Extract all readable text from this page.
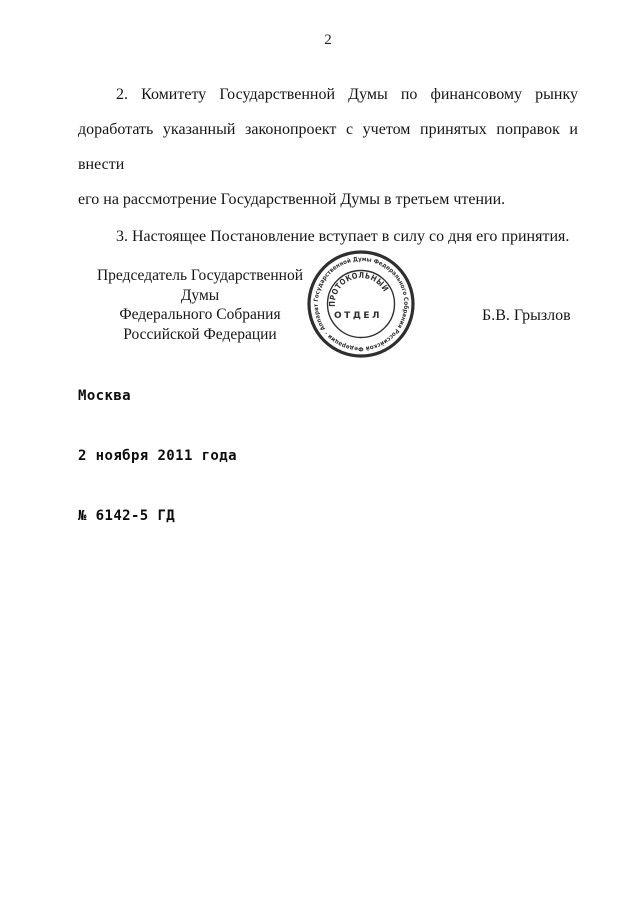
2
2. Комитету Государственной Думы по финансовому рынку
доработать указанный законопроект с учетом принятых поправок и внести
его на рассмотрение Государственной Думы в третьем чтении.
3. Настоящее Постановление вступает в силу со дня его принятия.
Председатель Государственной Думы
Федерального Собрания
Российской Федерации
Б.В. Грызлов
Аппарат Государственной Думы Федерального Собрания Российской Федерации ·
ПРОТОКОЛЬНЫЙ
ОТДЕЛ

Москва

2 ноября 2011 года

№ 6142-5 ГД
